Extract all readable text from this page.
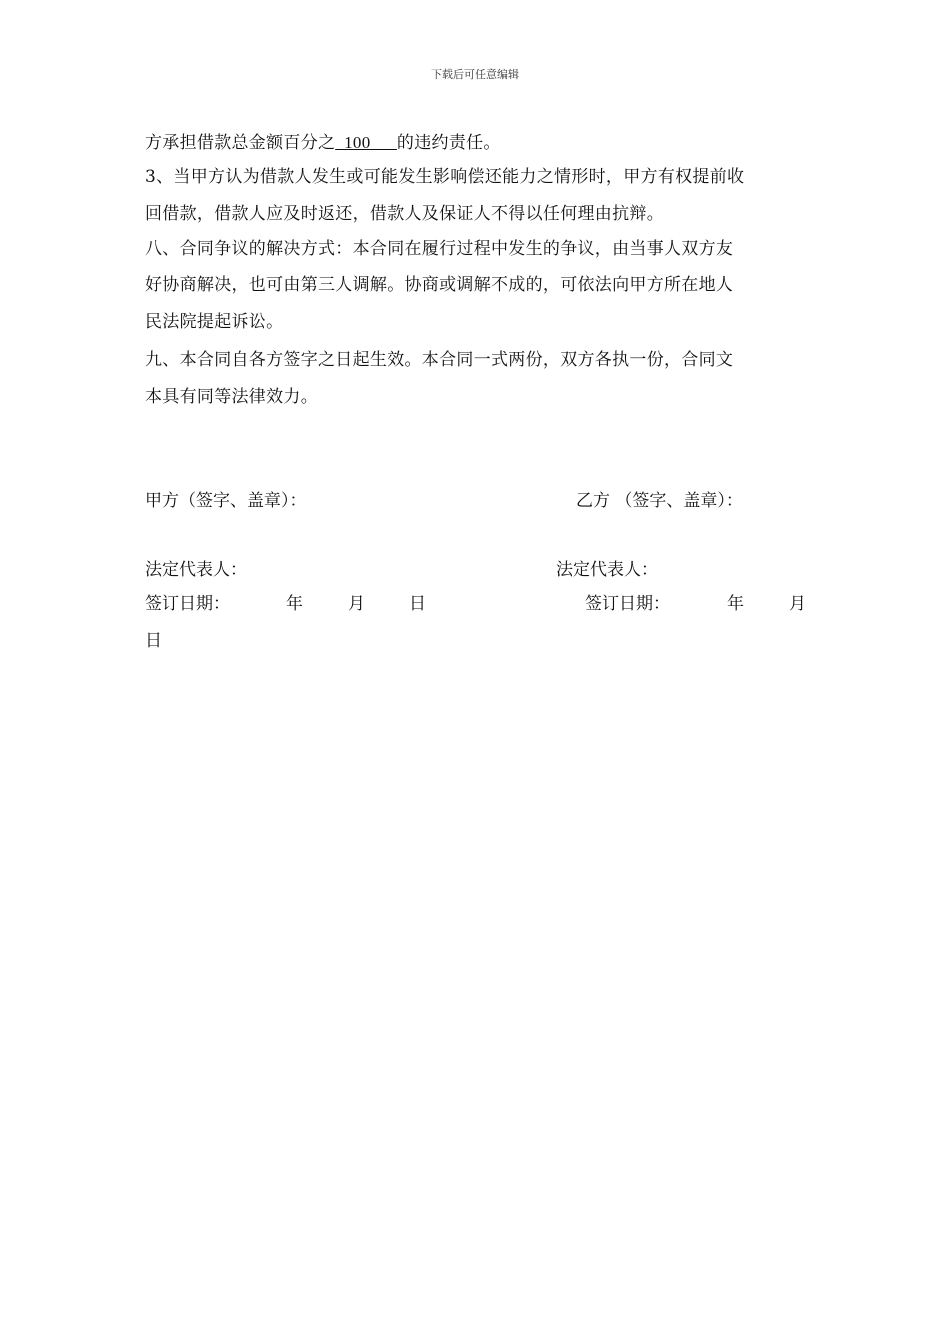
下载后可任意编辑
方承担借款总金额百分之_100___的违约责任。
3、当甲方认为借款人发生或可能发生影响偿还能力之情形时，甲方有权提前收
回借款，借款人应及时返还，借款人及保证人不得以任何理由抗辩。
八、合同争议的解决方式：本合同在履行过程中发生的争议，由当事人双方友
好协商解决，也可由第三人调解。协商或调解不成的，可依法向甲方所在地人
民法院提起诉讼。
九、本合同自各方签字之日起生效。本合同一式两份，双方各执一份，合同文
本具有同等法律效力。
甲方（签字、盖章）：	乙方 （签字、盖章）：
法定代表人：	法定代表人：
签订日期：	年	月	日	签订日期：	年	月
日
